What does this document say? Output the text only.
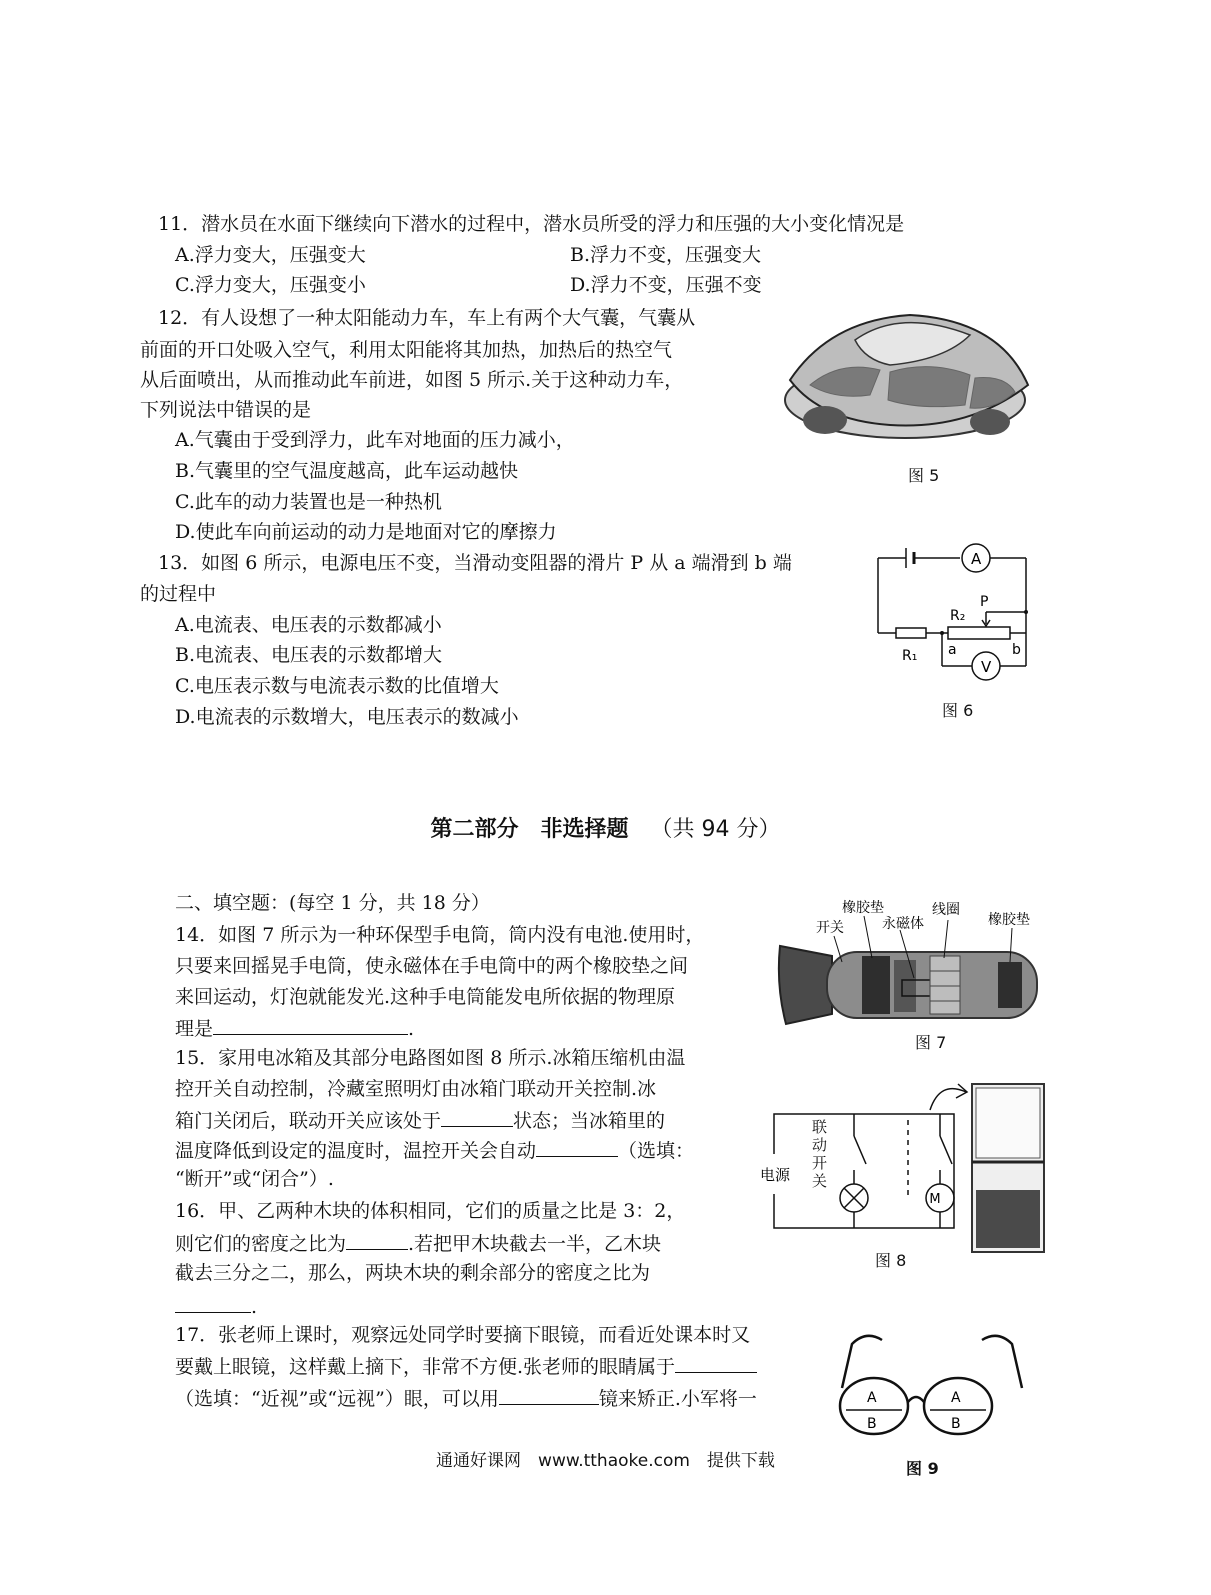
11．潜水员在水面下继续向下潜水的过程中，潜水员所受的浮力和压强的大小变化情况是
A.浮力变大，压强变大	B.浮力不变，压强变大
C.浮力变大，压强变小	D.浮力不变，压强不变
12．有人设想了一种太阳能动力车，车上有两个大气囊，气囊从
前面的开口处吸入空气，利用太阳能将其加热，加热后的热空气
从后面喷出，从而推动此车前进，如图 5 所示.关于这种动力车，
下列说法中错误的是
A.气囊由于受到浮力，此车对地面的压力减小，
B.气囊里的空气温度越高，此车运动越快
C.此车的动力装置也是一种热机
D.使此车向前运动的动力是地面对它的摩擦力
图 5
13．如图 6 所示，电源电压不变，当滑动变阻器的滑片 P 从 a 端滑到 b 端
的过程中
A.电流表、电压表的示数都减小
B.电流表、电压表的示数都增大
C.电压表示数与电流表示数的比值增大
D.电流表的示数增大，电压表示的数减小
A
V
R₂
P
R₁ a	b
图 6
第二部分　非选择题 （共 94 分）
二、填空题：(每空 1 分，共 18 分）
14．如图 7 所示为一种环保型手电筒，筒内没有电池.使用时，
只要来回摇晃手电筒，使永磁体在手电筒中的两个橡胶垫之间
来回运动，灯泡就能发光.这种手电筒能发电所依据的物理原
理是	.
开关
橡胶垫
永磁体
线圈
橡胶垫
图 7
15．家用电冰箱及其部分电路图如图 8 所示.冰箱压缩机由温
控开关自动控制，冷藏室照明灯由冰箱门联动开关控制.冰
箱门关闭后，联动开关应该处于	状态；当冰箱里的
温度降低到设定的温度时，温控开关会自动	（选填：
“断开”或“闭合”）.	电源
M
联动开关
图 8
16．甲、乙两种木块的体积相同，它们的质量之比是 3：2，
则它们的密度之比为	.若把甲木块截去一半，乙木块
截去三分之二，那么，两块木块的剩余部分的密度之比为
.
17．张老师上课时，观察远处同学时要摘下眼镜，而看近处课本时又
要戴上眼镜，这样戴上摘下，非常不方便.张老师的眼睛属于
（选填：“近视”或“远视”）眼，可以用	镜来矫正.小军将一	A
B
A
B
图 9
通通好课网　www.tthaoke.com　提供下载
